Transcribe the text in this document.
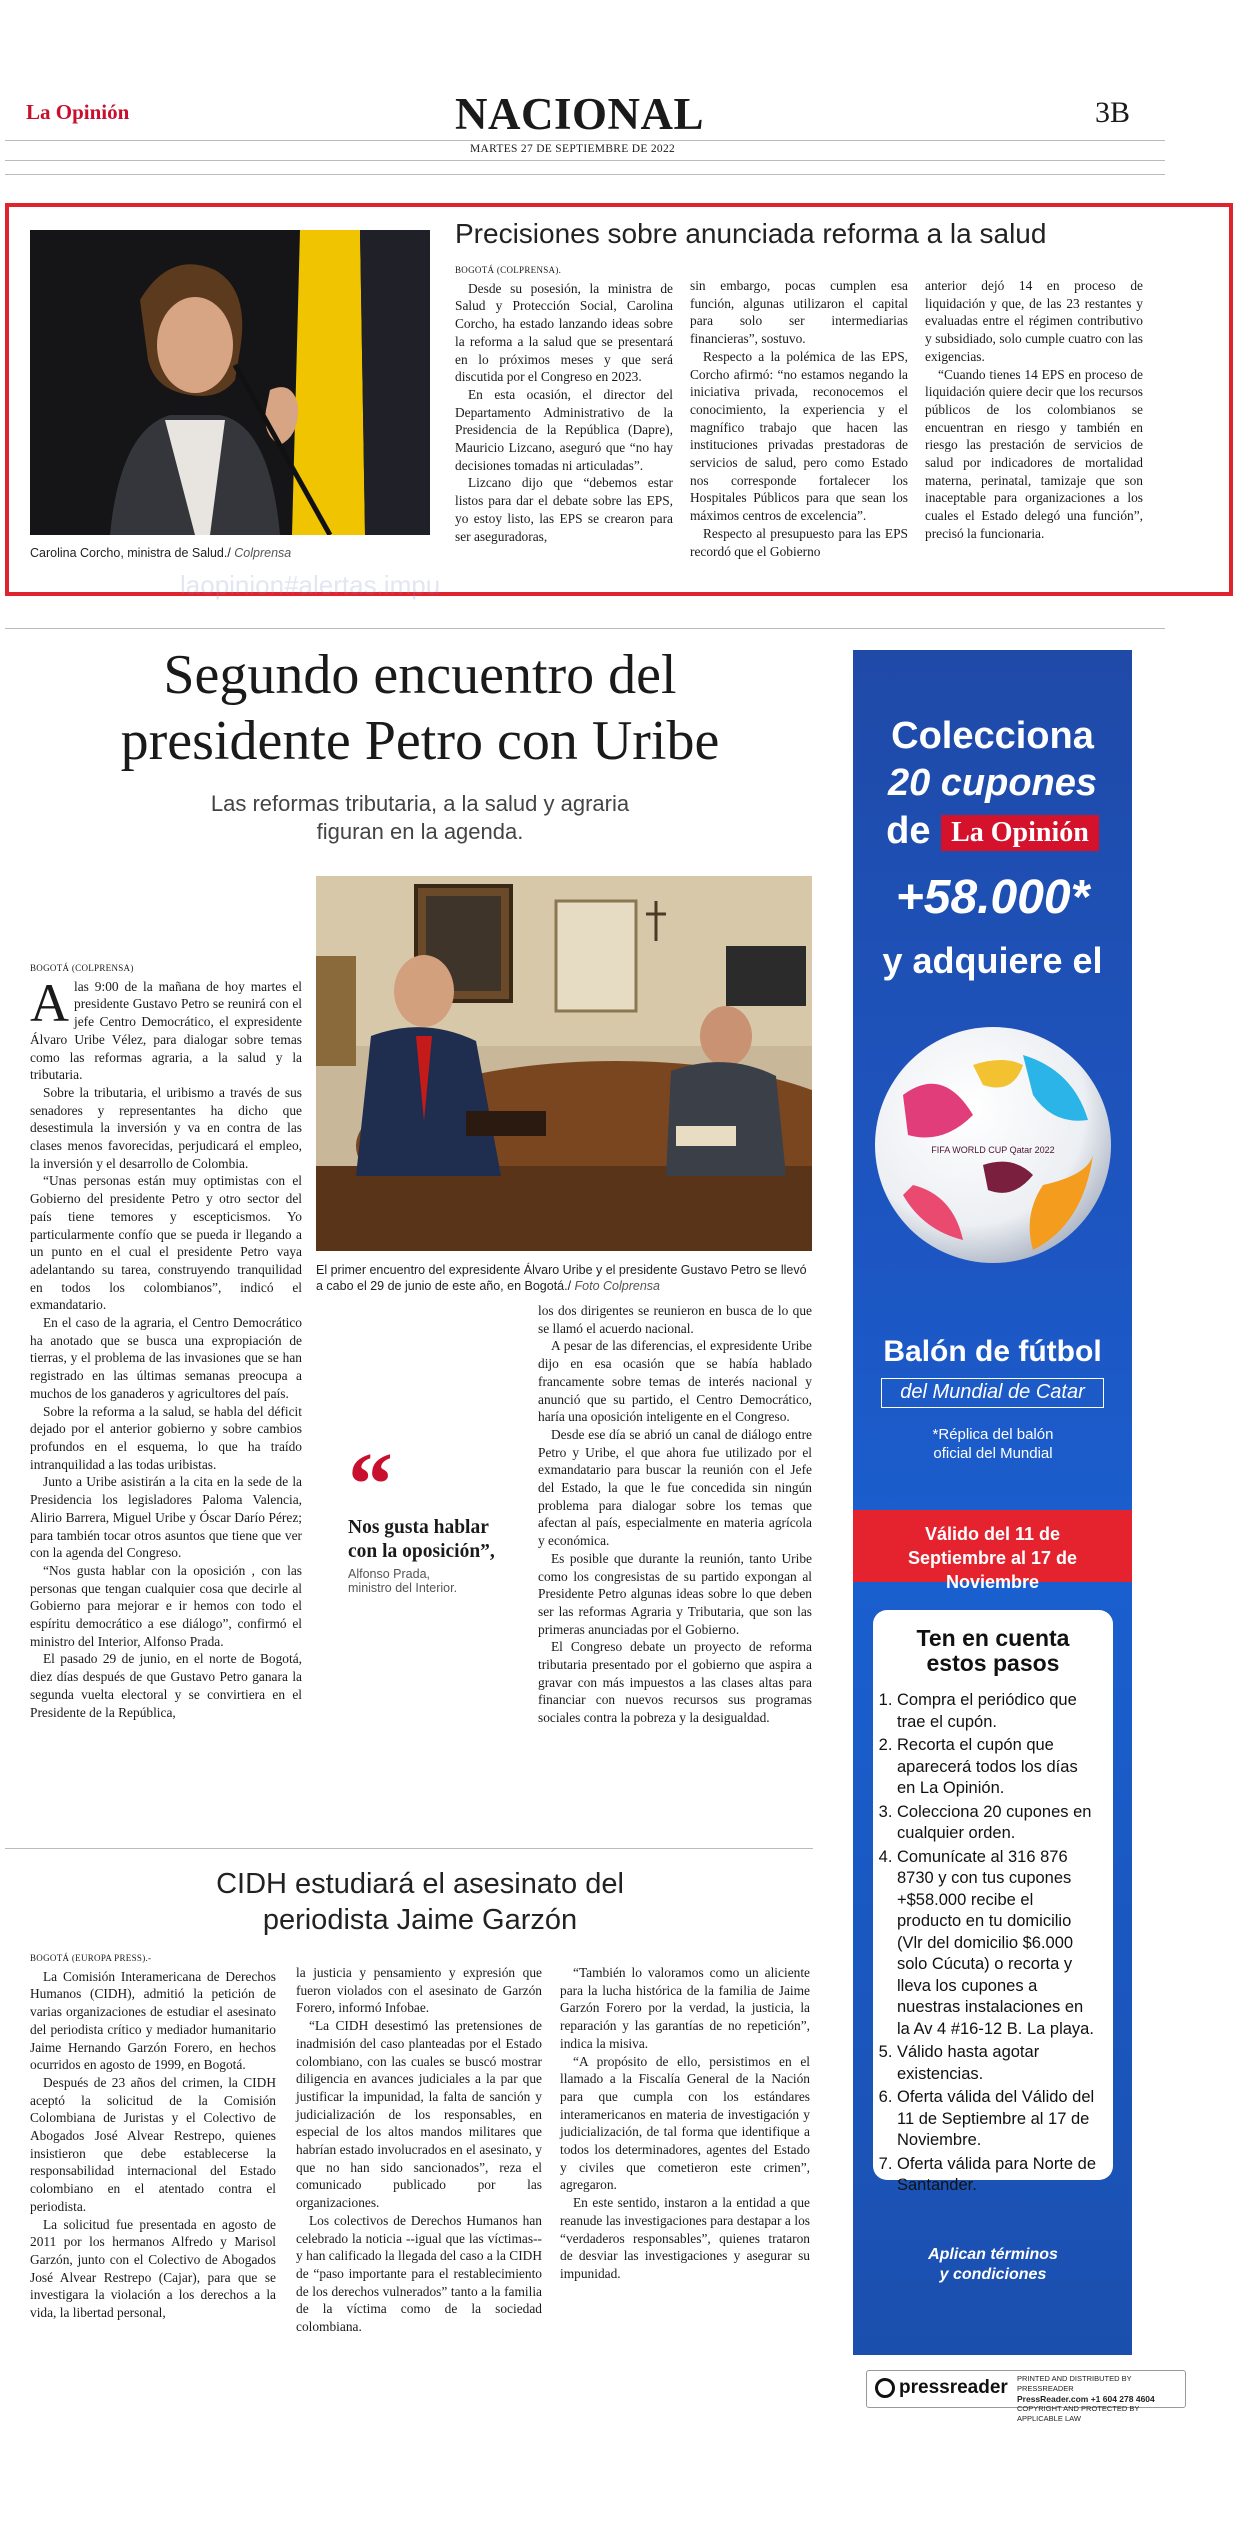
La Opinión	NACIONAL	3B
MARTES 27 DE SEPTIEMBRE DE 2022
Carolina Corcho, ministra de Salud./ Colprensa
Precisiones sobre anunciada reforma a la salud

BOGOTÁ (COLPRENSA).

Desde su posesión, la ministra de Salud y Protección Social, Carolina Corcho, ha estado lanzando ideas sobre la reforma a la salud que se presentará en lo próximos meses y que será discutida por el Congreso en 2023.

En esta ocasión, el director del Departamento Administrativo de la Presidencia de la República (Dapre), Mauricio Lizcano, aseguró que “no hay decisiones tomadas ni articuladas”.

Lizcano dijo que “debemos estar listos para dar el debate sobre las EPS, yo estoy listo, las EPS se crearon para ser aseguradoras,

sin embargo, pocas cumplen esa función, algunas utilizaron el capital para solo ser intermediarias financieras”, sostuvo.

Respecto a la polémica de las EPS, Corcho afirmó: “no estamos negando la iniciativa privada, reconocemos el conocimiento, la experiencia y el magnífico trabajo que hacen las instituciones privadas prestadoras de servicios de salud, pero como Estado nos corresponde fortalecer los Hospitales Públicos para que sean los máximos centros de excelencia”.

Respecto al presupuesto para las EPS recordó que el Gobierno

anterior dejó 14 en proceso de liquidación y que, de las 23 restantes y evaluadas entre el régimen contributivo y subsidiado, solo cumple cuatro con las exigencias.

“Cuando tienes 14 EPS en proceso de liquidación quiere decir que los recursos públicos de los colombianos se encuentran en riesgo y también en riesgo las prestación de servicios de salud por indicadores de mortalidad materna, perinatal, tamizaje que son inaceptable para organizaciones a los cuales el Estado delegó una función”, precisó la funcionaria.

laopinion#alertas.impu
Segundo encuentro del presidente Petro con Uribe
Las reformas tributaria, a la salud y agraria figuran en la agenda.
El primer encuentro del expresidente Álvaro Uribe y el presidente Gustavo Petro se llevó a cabo el 29 de junio de este año, en Bogotá./ Foto Colprensa

BOGOTÁ (COLPRENSA)

Alas 9:00 de la mañana de hoy martes el presidente Gustavo Petro se reunirá con el jefe Centro Democrático, el expresidente Álvaro Uribe Vélez, para dialogar sobre temas como las reformas agraria, a la salud y la tributaria.

Sobre la tributaria, el uribismo a través de sus senadores y representantes ha dicho que desestimula la inversión y va en contra de las clases menos favorecidas, perjudicará el empleo, la inversión y el desarrollo de Colombia.

“Unas personas están muy optimistas con el Gobierno del presidente Petro y otro sector del país tiene temores y escepticismos. Yo particularmente confío que se pueda ir llegando a un punto en el cual el presidente Petro vaya adelantando su tarea, construyendo tranquilidad en todos los colombianos”, indicó el exmandatario.

En el caso de la agraria, el Centro Democrático ha anotado que se busca una expropiación de tierras, y el problema de las invasiones que se han registrado en las últimas semanas preocupa a muchos de los ganaderos y agricultores del país.

Sobre la reforma a la salud, se habla del déficit dejado por el anterior gobierno y sobre cambios profundos en el esquema, lo que ha traído intranquilidad a las todas uribistas.

Junto a Uribe asistirán a la cita en la sede de la Presidencia los legisladores Paloma Valencia, Alirio Barrera, Miguel Uribe y Óscar Darío Pérez; para también tocar otros asuntos que tiene que ver con la agenda del Congreso.

“Nos gusta hablar con la oposición , con las personas que tengan cualquier cosa que decirle al Gobierno para mejorar e ir hemos con todo el espíritu democrático a ese diálogo”, confirmó el ministro del Interior, Alfonso Prada.

El pasado 29 de junio, en el norte de Bogotá, diez días después de que Gustavo Petro ganara la segunda vuelta electoral y se convirtiera en el Presidente de la República,

“
Nos gusta hablar con la oposición”,
Alfonso Prada,
ministro del Interior.

los dos dirigentes se reunieron en busca de lo que se llamó el acuerdo nacional.

A pesar de las diferencias, el expresidente Uribe dijo en esa ocasión que se había hablado francamente sobre temas de interés nacional y anunció que su partido, el Centro Democrático, haría una oposición inteligente en el Congreso.

Desde ese día se abrió un canal de diálogo entre Petro y Uribe, el que ahora fue utilizado por el exmandatario para buscar la reunión con el Jefe del Estado, la que le fue concedida sin ningún problema para dialogar sobre los temas que afectan al país, especialmente en materia agrícola y económica.

Es posible que durante la reunión, tanto Uribe como los congresistas de su partido expongan al Presidente Petro algunas ideas sobre lo que deben ser las reformas Agraria y Tributaria, que son las primeras anunciadas por el Gobierno.

El Congreso debate un proyecto de reforma tributaria presentado por el gobierno que aspira a gravar con más impuestos a las clases altas para financiar con nuevos recursos sus programas sociales contra la pobreza y la desigualdad.

CIDH estudiará el asesinato del periodista Jaime Garzón

BOGOTÁ (EUROPA PRESS).-

La Comisión Interamericana de Derechos Humanos (CIDH), admitió la petición de varias organizaciones de estudiar el asesinato del periodista crítico y mediador humanitario Jaime Hernando Garzón Forero, en hechos ocurridos en agosto de 1999, en Bogotá.

Después de 23 años del crimen, la CIDH aceptó la solicitud de la Comisión Colombiana de Juristas y el Colectivo de Abogados José Alvear Restrepo, quienes insistieron que debe establecerse la responsabilidad internacional del Estado colombiano en el atentado contra el periodista.

La solicitud fue presentada en agosto de 2011 por los hermanos Alfredo y Marisol Garzón, junto con el Colectivo de Abogados José Alvear Restrepo (Cajar), para que se investigara la violación a los derechos a la vida, la libertad personal,

la justicia y pensamiento y expresión que fueron violados con el asesinato de Garzón Forero, informó Infobae.

“La CIDH desestimó las pretensiones de inadmisión del caso planteadas por el Estado colombiano, con las cuales se buscó mostrar diligencia en avances judiciales a la par que justificar la impunidad, la falta de sanción y judicialización de los responsables, en especial de los altos mandos militares que habrían estado involucrados en el asesinato, y que no han sido sancionados”, reza el comunicado publicado por las organizaciones.

Los colectivos de Derechos Humanos han celebrado la noticia --igual que las víctimas-- y han calificado la llegada del caso a la CIDH de “paso importante para el restablecimiento de los derechos vulnerados” tanto a la familia de la víctima como de la sociedad colombiana.

“También lo valoramos como un aliciente para la lucha histórica de la familia de Jaime Garzón Forero por la verdad, la justicia, la reparación y las garantías de no repetición”, indica la misiva.

“A propósito de ello, persistimos en el llamado a la Fiscalía General de la Nación para que cumpla con los estándares interamericanos en materia de investigación y judicialización, de tal forma que identifique a todos los determinadores, agentes del Estado y civiles que cometieron este crimen”, agregaron.

En este sentido, instaron a la entidad a que reanude las investigaciones para destapar a los “verdaderos responsables”, quienes trataron de desviar las investigaciones y asegurar su impunidad.

Colecciona
20 cupones
de La Opinión
+58.000*
y adquiere el
FIFA WORLD CUP Qatar 2022
Balón de fútbol
del Mundial de Catar
*Réplica del balón oficial del Mundial
Válido del 11 de Septiembre al 17 de Noviembre
Ten en cuenta estos pasos
1. Compra el periódico que trae el cupón.
2. Recorta el cupón que aparecerá todos los días en La Opinión.
3. Colecciona 20 cupones en cualquier orden.
4. Comunícate al 316 876 8730 y con tus cupones +$58.000 recibe el producto en tu domicilio (Vlr del domicilio $6.000 solo Cúcuta) o recorta y lleva los cupones a nuestras instalaciones en la Av 4 #16-12 B. La playa.
5. Válido hasta agotar existencias.
6. Oferta válida del Válido del 11 de Septiembre al 17 de Noviembre.
7. Oferta válida para Norte de Santander.
Aplican términos y condiciones
pressreader PRINTED AND DISTRIBUTED BY PRESSREADER
PressReader.com +1 604 278 4604
COPYRIGHT AND PROTECTED BY APPLICABLE LAW
